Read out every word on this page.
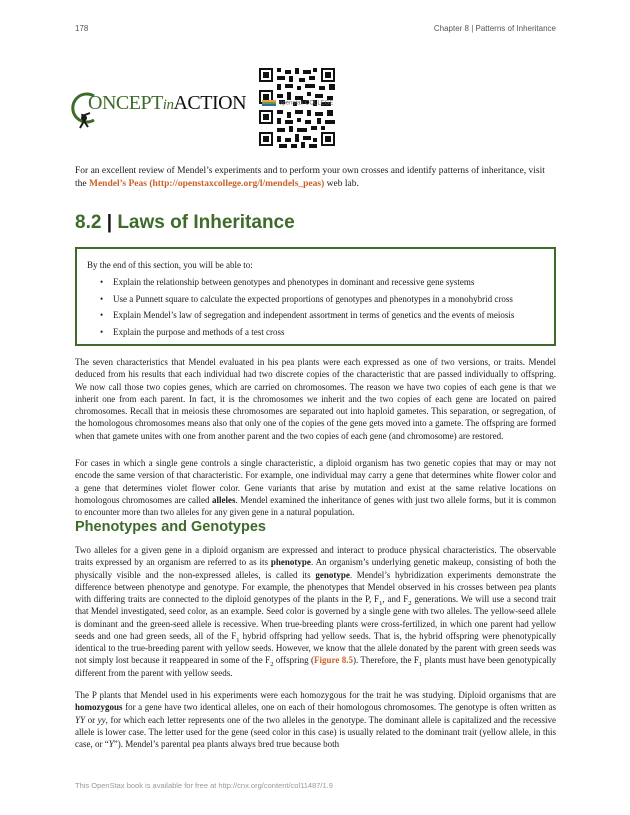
178	Chapter 8 | Patterns of Inheritance
ONCEPTinACTION	openstax COLLEGE

For an excellent review of Mendel’s experiments and to perform your own crosses and identify patterns of inheritance, visit the Mendel’s Peas (http://openstaxcollege.org/l/mendels_peas) web lab.

8.2 | Laws of Inheritance

By the end of this section, you will be able to:

• Explain the relationship between genotypes and phenotypes in dominant and recessive gene systems
• Use a Punnett square to calculate the expected proportions of genotypes and phenotypes in a monohybrid cross
• Explain Mendel’s law of segregation and independent assortment in terms of genetics and the events of meiosis
• Explain the purpose and methods of a test cross

The seven characteristics that Mendel evaluated in his pea plants were each expressed as one of two versions, or traits. Mendel deduced from his results that each individual had two discrete copies of the characteristic that are passed individually to offspring. We now call those two copies genes, which are carried on chromosomes. The reason we have two copies of each gene is that we inherit one from each parent. In fact, it is the chromosomes we inherit and the two copies of each gene are located on paired chromosomes. Recall that in meiosis these chromosomes are separated out into haploid gametes. This separation, or segregation, of the homologous chromosomes means also that only one of the copies of the gene gets moved into a gamete. The offspring are formed when that gamete unites with one from another parent and the two copies of each gene (and chromosome) are restored.

For cases in which a single gene controls a single characteristic, a diploid organism has two genetic copies that may or may not encode the same version of that characteristic. For example, one individual may carry a gene that determines white flower color and a gene that determines violet flower color. Gene variants that arise by mutation and exist at the same relative locations on homologous chromosomes are called alleles. Mendel examined the inheritance of genes with just two allele forms, but it is common to encounter more than two alleles for any given gene in a natural population.

Phenotypes and Genotypes

Two alleles for a given gene in a diploid organism are expressed and interact to produce physical characteristics. The observable traits expressed by an organism are referred to as its phenotype. An organism’s underlying genetic makeup, consisting of both the physically visible and the non-expressed alleles, is called its genotype. Mendel’s hybridization experiments demonstrate the difference between phenotype and genotype. For example, the phenotypes that Mendel observed in his crosses between pea plants with differing traits are connected to the diploid genotypes of the plants in the P, $F_1$, and $F_2$ generations. We will use a second trait that Mendel investigated, seed color, as an example. Seed color is governed by a single gene with two alleles. The yellow-seed allele is dominant and the green-seed allele is recessive. When true-breeding plants were cross-fertilized, in which one parent had yellow seeds and one had green seeds, all of the $F_1$ hybrid offspring had yellow seeds. That is, the hybrid offspring were phenotypically identical to the true-breeding parent with yellow seeds. However, we know that the allele donated by the parent with green seeds was not simply lost because it reappeared in some of the $F_2$ offspring (Figure 8.5). Therefore, the $F_1$ plants must have been genotypically different from the parent with yellow seeds.

The P plants that Mendel used in his experiments were each homozygous for the trait he was studying. Diploid organisms that are homozygous for a gene have two identical alleles, one on each of their homologous chromosomes. The genotype is often written as YY or yy, for which each letter represents one of the two alleles in the genotype. The dominant allele is capitalized and the recessive allele is lower case. The letter used for the gene (seed color in this case) is usually related to the dominant trait (yellow allele, in this case, or “Y”). Mendel’s parental pea plants always bred true because both

This OpenStax book is available for free at http://cnx.org/content/col11487/1.9
